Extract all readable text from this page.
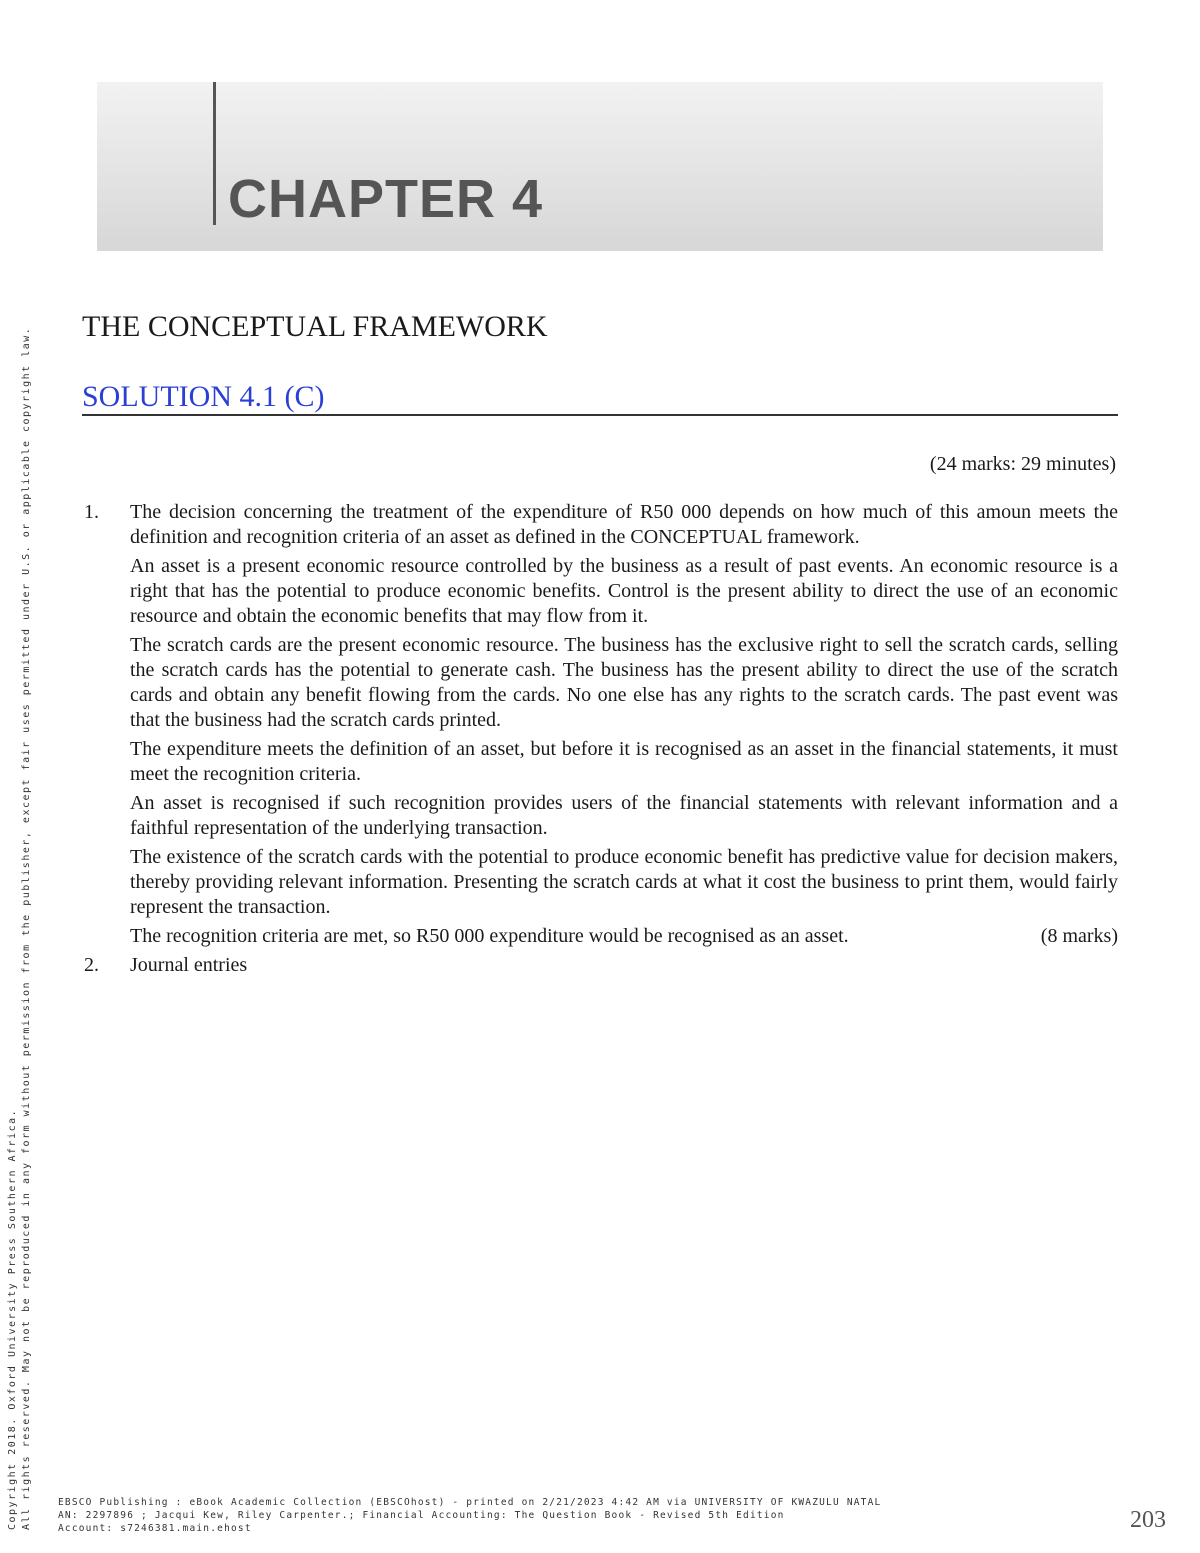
CHAPTER 4
THE CONCEPTUAL FRAMEWORK
SOLUTION 4.1 (C)
(24 marks: 29 minutes)
1. The decision concerning the treatment of the expenditure of R50 000 depends on how much of this amoun meets the definition and recognition criteria of an asset as defined in the CONCEPTUAL framework.

An asset is a present economic resource controlled by the business as a result of past events. An economic resource is a right that has the potential to produce economic benefits. Control is the present ability to direct the use of an economic resource and obtain the economic benefits that may flow from it.

The scratch cards are the present economic resource. The business has the exclusive right to sell the scratch cards, selling the scratch cards has the potential to generate cash. The business has the present ability to direct the use of the scratch cards and obtain any benefit flowing from the cards. No one else has any rights to the scratch cards. The past event was that the business had the scratch cards printed.

The expenditure meets the definition of an asset, but before it is recognised as an asset in the financial statements, it must meet the recognition criteria.

An asset is recognised if such recognition provides users of the financial statements with relevant information and a faithful representation of the underlying transaction.

The existence of the scratch cards with the potential to produce economic benefit has predictive value for decision makers, thereby providing relevant information. Presenting the scratch cards at what it cost the business to print them, would fairly represent the transaction.

The recognition criteria are met, so R50 000 expenditure would be recognised as an asset.	(8 marks)

2. Journal entries

Copyright 2018. Oxford University Press Southern Africa. All rights reserved. May not be reproduced in any form without permission from the publisher, except fair uses permitted under U.S. or applicable copyright law.	EBSCO Publishing : eBook Academic Collection (EBSCOhost) - printed on 2/21/2023 4:42 AM via UNIVERSITY OF KWAZULU NATAL
AN: 2297896 ; Jacqui Kew, Riley Carpenter.; Financial Accounting: The Question Book - Revised 5th Edition
Account: s7246381.main.ehost	203
